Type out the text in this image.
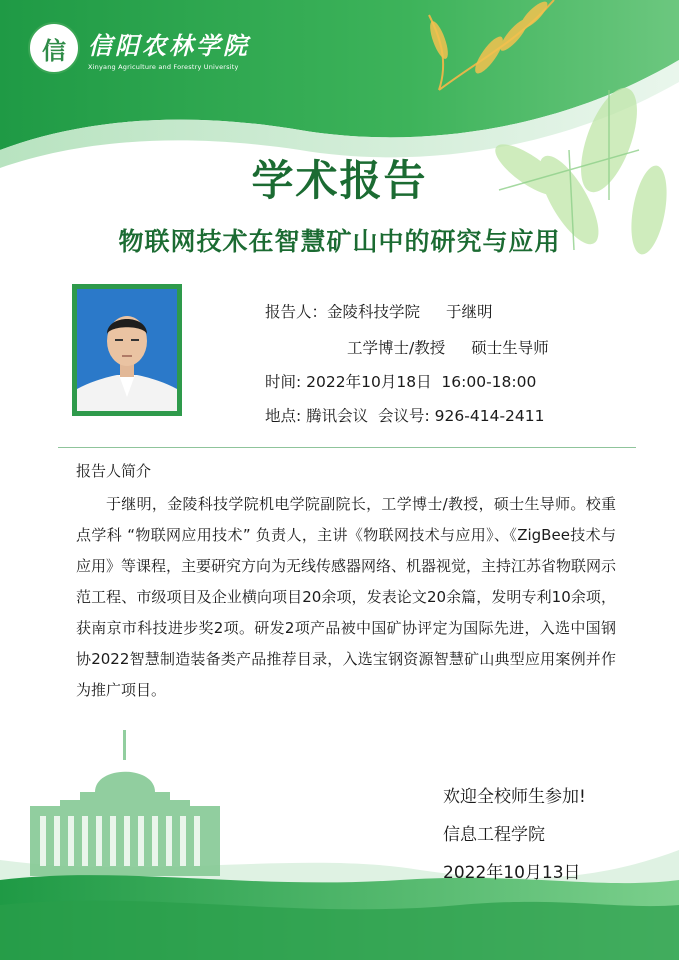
信 信阳农林学院
Xinyang Agriculture and Forestry University
学术报告
物联网技术在智慧矿山中的研究与应用
报告人：金陵科技学院 于继明
工学博士/教授 硕士生导师
时间: 2022年10月18日  16:00-18:00
地点: 腾讯会议  会议号: 926-414-2411
报告人简介
于继明，金陵科技学院机电学院副院长，工学博士/教授，硕士生导师。校重点学科 “物联网应用技术” 负责人，主讲《物联网技术与应用》、《ZigBee技术与应用》等课程，主要研究方向为无线传感器网络、机器视觉，主持江苏省物联网示范工程、市级项目及企业横向项目20余项，发表论文20余篇，发明专利10余项，获南京市科技进步奖2项。研发2项产品被中国矿协评定为国际先进，入选中国钢协2022智慧制造装备类产品推荐目录，入选宝钢资源智慧矿山典型应用案例并作为推广项目。
欢迎全校师生参加!
信息工程学院
2022年10月13日
